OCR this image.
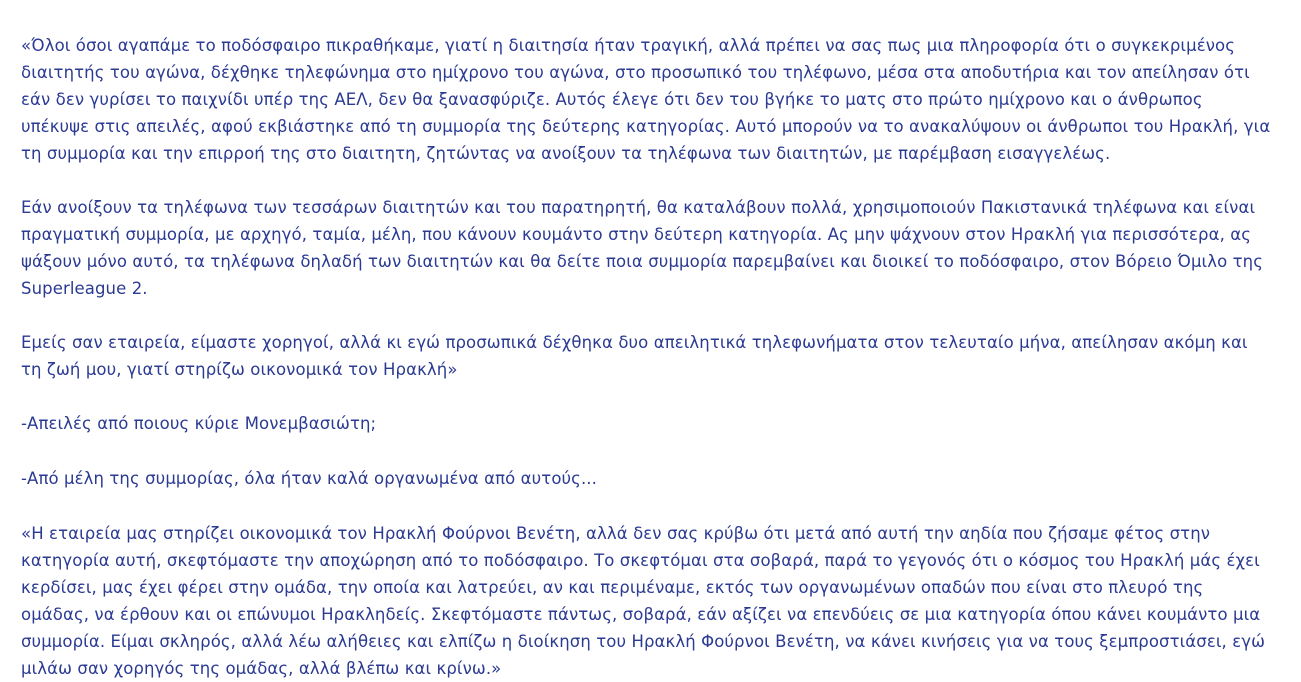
«Όλοι όσοι αγαπάμε το ποδόσφαιρο πικραθήκαμε, γιατί η διαιτησία ήταν τραγική, αλλά πρέπει να σας πως μια πληροφορία ότι ο συγκεκριμένος διαιτητής του αγώνα, δέχθηκε τηλεφώνημα στο ημίχρονο του αγώνα, στο προσωπικό του τηλέφωνο, μέσα στα αποδυτήρια και τον απείλησαν ότι εάν δεν γυρίσει το παιχνίδι υπέρ της ΑΕΛ, δεν θα ξανασφύριζε. Αυτός έλεγε ότι δεν του βγήκε το ματς στο πρώτο ημίχρονο και ο άνθρωπος υπέκυψε στις απειλές, αφού εκβιάστηκε από τη συμμορία της δεύτερης κατηγορίας. Αυτό μπορούν να το ανακαλύψουν οι άνθρωποι του Ηρακλή, για τη συμμορία και την επιρροή της στο διαιτητη, ζητώντας να ανοίξουν τα τηλέφωνα των διαιτητών, με παρέμβαση εισαγγελέως.

Εάν ανοίξουν τα τηλέφωνα των τεσσάρων διαιτητών και του παρατηρητή, θα καταλάβουν πολλά, χρησιμοποιούν Πακιστανικά τηλέφωνα και είναι πραγματική συμμορία, με αρχηγό, ταμία, μέλη, που κάνουν κουμάντο στην δεύτερη κατηγορία. Ας μην ψάχνουν στον Ηρακλή για περισσότερα, ας ψάξουν μόνο αυτό, τα τηλέφωνα δηλαδή των διαιτητών και θα δείτε ποια συμμορία παρεμβαίνει και διοικεί το ποδόσφαιρο, στον Βόρειο Όμιλο της Superleague 2.

Εμείς σαν εταιρεία, είμαστε χορηγοί, αλλά κι εγώ προσωπικά δέχθηκα δυο απειλητικά τηλεφωνήματα στον τελευταίο μήνα, απείλησαν ακόμη και τη ζωή μου, γιατί στηρίζω οικονομικά τον Ηρακλή»

-Απειλές από ποιους κύριε Μονεμβασιώτη;

-Από μέλη της συμμορίας, όλα ήταν καλά οργανωμένα από αυτούς...

«Η εταιρεία μας στηρίζει οικονομικά τον Ηρακλή Φούρνοι Βενέτη, αλλά δεν σας κρύβω ότι μετά από αυτή την αηδία που ζήσαμε φέτος στην κατηγορία αυτή, σκεφτόμαστε την αποχώρηση από το ποδόσφαιρο. Το σκεφτόμαι στα σοβαρά, παρά το γεγονός ότι ο κόσμος του Ηρακλή μάς έχει κερδίσει, μας έχει φέρει στην ομάδα, την οποία και λατρεύει, αν και περιμέναμε, εκτός των οργανωμένων οπαδών που είναι στο πλευρό της ομάδας, να έρθουν και οι επώνυμοι Ηρακληδείς. Σκεφτόμαστε πάντως, σοβαρά, εάν αξίζει να επενδύεις σε μια κατηγορία όπου κάνει κουμάντο μια συμμορία. Είμαι σκληρός, αλλά λέω αλήθειες και ελπίζω η διοίκηση του Ηρακλή Φούρνοι Βενέτη, να κάνει κινήσεις για να τους ξεμπροστιάσει, εγώ μιλάω σαν χορηγός της ομάδας, αλλά βλέπω και κρίνω.»
